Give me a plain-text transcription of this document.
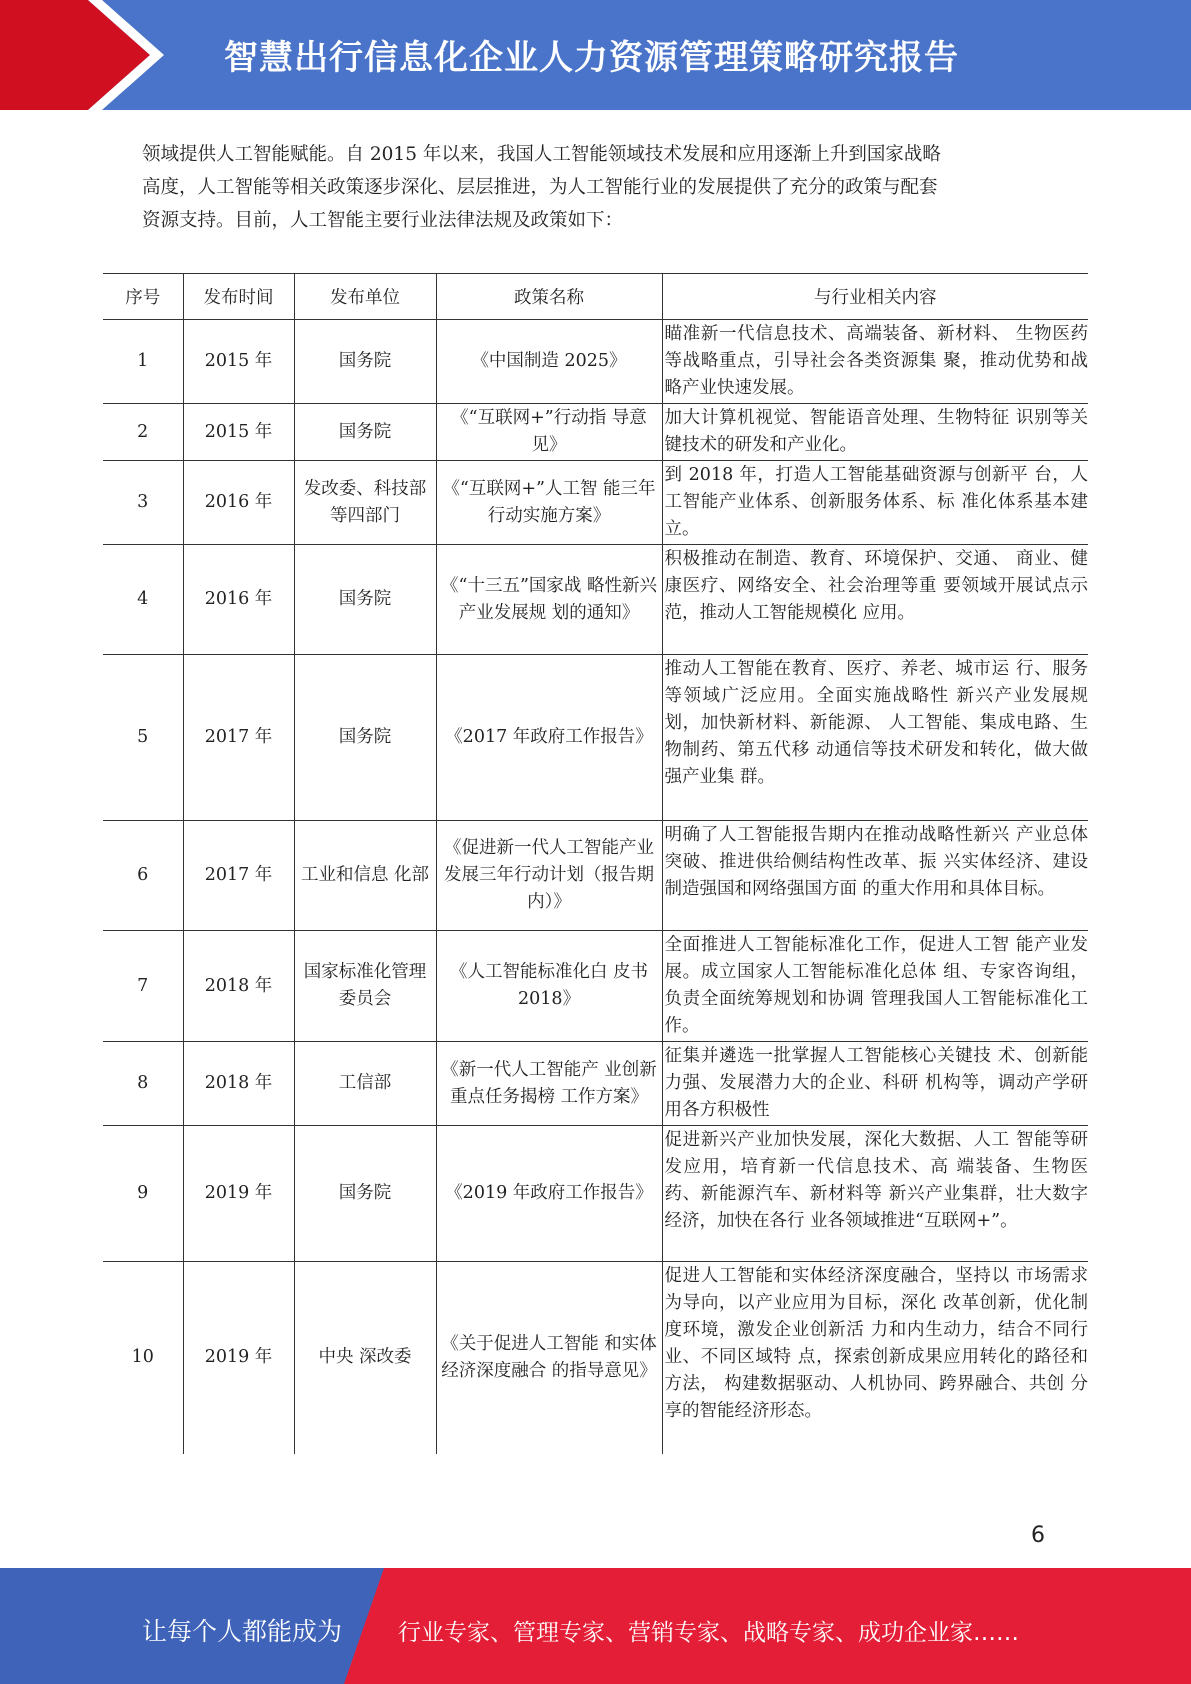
智慧出行信息化企业人力资源管理策略研究报告

领域提供人工智能赋能。自 2015 年以来，我国人工智能领域技术发展和应用逐渐上升到国家战略

高度，人工智能等相关政策逐步深化、层层推进，为人工智能行业的发展提供了充分的政策与配套

资源支持。目前，人工智能主要行业法律法规及政策如下：

序号	发布时间	发布单位	政策名称	与行业相关内容
1	2015 年	国务院	《中国制造 2025》	瞄准新一代信息技术、高端装备、新材料、 生物医药等战略重点，引导社会各类资源集 聚，推动优势和战略产业快速发展。
2	2015 年	国务院	《“互联网+”行动指 导意见》	加大计算机视觉、智能语音处理、生物特征 识别等关键技术的研发和产业化。
3	2016 年	发改委、科技部等四部门	《“互联网+”人工智 能三年行动实施方案》	到 2018 年，打造人工智能基础资源与创新平 台，人工智能产业体系、创新服务体系、标 准化体系基本建立。
4	2016 年	国务院	《“十三五”国家战 略性新兴产业发展规 划的通知》	积极推动在制造、教育、环境保护、交通、 商业、健康医疗、网络安全、社会治理等重 要领域开展试点示范，推动人工智能规模化 应用。
5	2017 年	国务院	《2017 年政府工作报告》	推动人工智能在教育、医疗、养老、城市运 行、服务等领域广泛应用。全面实施战略性 新兴产业发展规划，加快新材料、新能源、 人工智能、集成电路、生物制药、第五代移 动通信等技术研发和转化，做大做强产业集 群。
6	2017 年	工业和信息 化部	《促进新一代人工智能产业发展三年行动计划（报告期内）》	明确了人工智能报告期内在推动战略性新兴 产业总体突破、推进供给侧结构性改革、振 兴实体经济、建设制造强国和网络强国方面 的重大作用和具体目标。
7	2018 年	国家标准化管理委员会	《人工智能标准化白 皮书 2018》	全面推进人工智能标准化工作，促进人工智 能产业发展。成立国家人工智能标准化总体 组、专家咨询组，负责全面统筹规划和协调 管理我国人工智能标准化工作。
8	2018 年	工信部	《新一代人工智能产 业创新重点任务揭榜 工作方案》	征集并遴选一批掌握人工智能核心关键技 术、创新能力强、发展潜力大的企业、科研 机构等，调动产学研用各方积极性
9	2019 年	国务院	《2019 年政府工作报告》	促进新兴产业加快发展，深化大数据、人工 智能等研发应用，培育新一代信息技术、高 端装备、生物医药、新能源汽车、新材料等 新兴产业集群，壮大数字经济，加快在各行 业各领域推进“互联网+”。
10	2019 年	中央 深改委	《关于促进人工智能 和实体经济深度融合 的指导意见》	促进人工智能和实体经济深度融合，坚持以 市场需求为导向，以产业应用为目标，深化 改革创新，优化制度环境，激发企业创新活 力和内生动力，结合不同行业、不同区域特 点，探索创新成果应用转化的路径和方法， 构建数据驱动、人机协同、跨界融合、共创 分享的智能经济形态。
6
让每个人都能成为 行业专家、管理专家、营销专家、战略专家、成功企业家……
